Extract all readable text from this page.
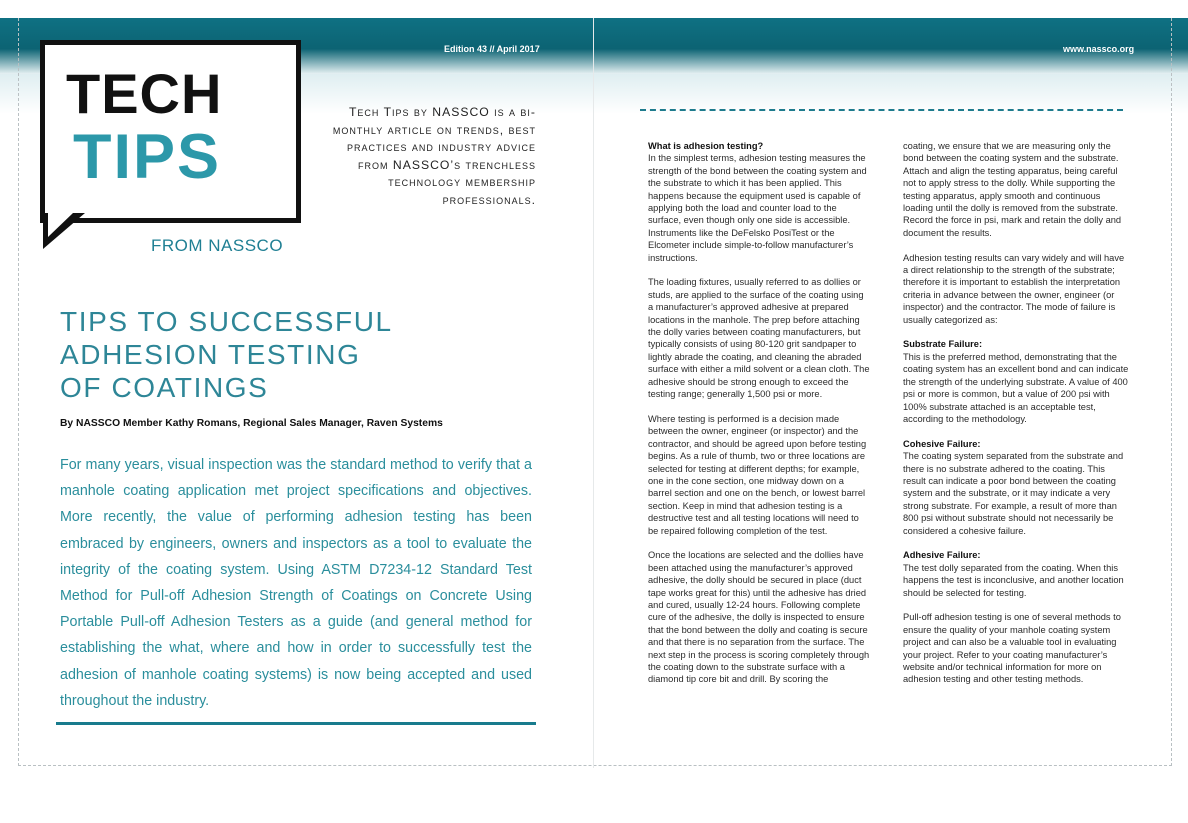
Edition 43 // April 2017	www.nassco.org
TECH
TIPS
FROM NASSCO
Tech Tips by NASSCO is a bi-monthly article on trends, best practices and industry advice from NASSCO’s trenchless technology membership professionals.
TIPS TO SUCCESSFUL
ADHESION TESTING
OF COATINGS
By NASSCO Member Kathy Romans, Regional Sales Manager, Raven Systems
For many years, visual inspection was the standard method to verify that a manhole coating application met project specifications and objectives. More recently, the value of performing adhesion testing has been embraced by engineers, owners and inspectors as a tool to evaluate the integrity of the coating system. Using ASTM D7234-12 Standard Test Method for Pull-off Adhesion Strength of Coatings on Concrete Using Portable Pull-off Adhesion Testers as a guide (and general method for establishing the what, where and how in order to successfully test the adhesion of manhole coating systems) is now being accepted and used throughout the industry.

What is adhesion testing?

In the simplest terms, adhesion testing measures the strength of the bond between the coating system and the substrate to which it has been applied. This happens because the equipment used is capable of applying both the load and counter load to the surface, even though only one side is accessible. Instruments like the DeFelsko PosiTest or the Elcometer include simple-to-follow manufacturer’s instructions.

The loading fixtures, usually referred to as dollies or studs, are applied to the surface of the coating using a manufacturer’s approved adhesive at prepared locations in the manhole. The prep before attaching the dolly varies between coating manufacturers, but typically consists of using 80-120 grit sandpaper to lightly abrade the coating, and cleaning the abraded surface with either a mild solvent or a clean cloth. The adhesive should be strong enough to exceed the testing range; generally 1,500 psi or more.

Where testing is performed is a decision made between the owner, engineer (or inspector) and the contractor, and should be agreed upon before testing begins. As a rule of thumb, two or three locations are selected for testing at different depths; for example, one in the cone section, one midway down on a barrel section and one on the bench, or lowest barrel section. Keep in mind that adhesion testing is a destructive test and all testing locations will need to be repaired following completion of the test.

Once the locations are selected and the dollies have been attached using the manufacturer’s approved adhesive, the dolly should be secured in place (duct tape works great for this) until the adhesive has dried and cured, usually 12-24 hours. Following complete cure of the adhesive, the dolly is inspected to ensure that the bond between the dolly and coating is secure and that there is no separation from the surface. The next step in the process is scoring completely through the coating down to the substrate surface with a diamond tip core bit and drill. By scoring the

coating, we ensure that we are measuring only the bond between the coating system and the substrate. Attach and align the testing apparatus, being careful not to apply stress to the dolly. While supporting the testing apparatus, apply smooth and continuous loading until the dolly is removed from the substrate. Record the force in psi, mark and retain the dolly and document the results.

Adhesion testing results can vary widely and will have a direct relationship to the strength of the substrate; therefore it is important to establish the interpretation criteria in advance between the owner, engineer (or inspector) and the contractor. The mode of failure is usually categorized as:

Substrate Failure:

This is the preferred method, demonstrating that the coating system has an excellent bond and can indicate the strength of the underlying substrate. A value of 400 psi or more is common, but a value of 200 psi with 100% substrate attached is an acceptable test, according to the methodology.

Cohesive Failure:

The coating system separated from the substrate and there is no substrate adhered to the coating. This result can indicate a poor bond between the coating system and the substrate, or it may indicate a very strong substrate. For example, a result of more than 800 psi without substrate should not necessarily be considered a cohesive failure.

Adhesive Failure:

The test dolly separated from the coating. When this happens the test is inconclusive, and another location should be selected for testing.

Pull-off adhesion testing is one of several methods to ensure the quality of your manhole coating system project and can also be a valuable tool in evaluating your project. Refer to your coating manufacturer’s website and/or technical information for more on adhesion testing and other testing methods.
